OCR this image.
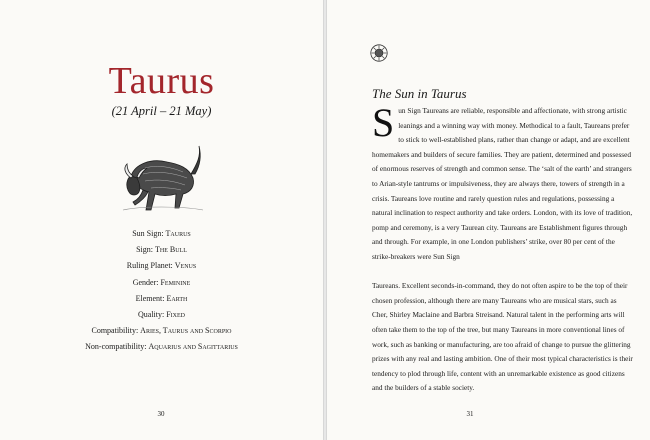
Taurus
(21 April – 21 May)
Sun Sign: Taurus
Sign: The Bull
Ruling Planet: Venus
Gender: Feminine
Element: Earth
Quality: Fixed
Compatibility: Aries, Taurus and Scorpio
Non-compatibility: Aquarius and Sagittarius
30
The Sun in Taurus

Sun Sign Taureans are reliable, responsible and affectionate, with strong artistic leanings and a winning way with money. Methodical to a fault, Taureans prefer to stick to well-established plans, rather than change or adapt, and are excellent homemakers and builders of secure families. They are patient, determined and possessed of enormous reserves of strength and common sense. The ‘salt of the earth’ and strangers to Arian-style tantrums or impulsiveness, they are always there, towers of strength in a crisis. Taureans love routine and rarely question rules and regulations, possessing a natural inclination to respect authority and take orders. London, with its love of tradition, pomp and ceremony, is a very Taurean city. Taureans are Establishment figures through and through. For example, in one London publishers’ strike, over 80 per cent of the strike-breakers were Sun Sign

Taureans. Excellent seconds-in-command, they do not often aspire to be the top of their chosen profession, although there are many Taureans who are musical stars, such as Cher, Shirley Maclaine and Barbra Streisand. Natural talent in the performing arts will often take them to the top of the tree, but many Taureans in more conventional lines of work, such as banking or manufacturing, are too afraid of change to pursue the glittering prizes with any real and lasting ambition. One of their most typical characteristics is their tendency to plod through life, content with an unremarkable existence as good citizens and the builders of a stable society.

31
